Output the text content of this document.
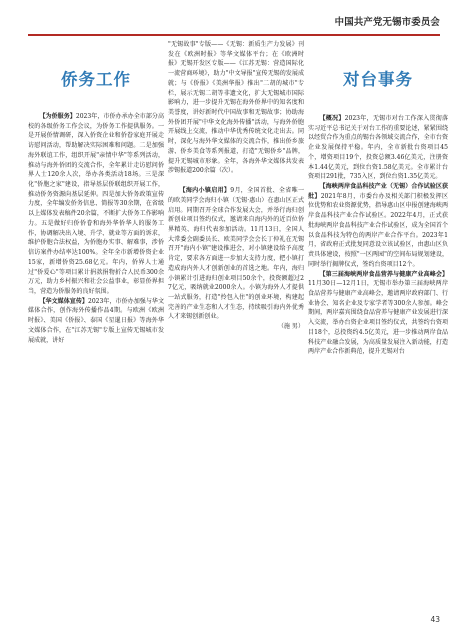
中国共产党无锡市委员会
侨务工作

【为侨服务】2023年，市侨办承办全市部分高校的各级侨务工作会议，为侨务工作提供服务。一是开展侨情调研，深入侨资企业和侨眷家庭开展走访慰问活动，帮助解决实际困难和问题。二是加强海外联谊工作，组织开展"亲情中华"等系列活动，推动与海外侨团的交流合作，全年累计走访慰问侨界人士120余人次，举办各类活动18场。三是深化"侨胞之家"建设，指导基层侨联组织开展工作，推动侨务资源向基层延伸。四是加大侨务政策宣传力度，全年编发侨务信息、简报等30余期，在省级以上媒体发表稿件20余篇，不断扩大侨务工作影响力。五是做好归侨侨眷和海外华侨华人的服务工作，协调解决出入境、升学、就业等方面的诉求，维护侨胞合法权益，为侨胞办实事、解难事，涉侨信访案件办结率达100%。全年全市新增侨资企业15家，新增侨资25.68亿元。年内，侨界人士通过"侨爱心"等项目累计捐款捐物折合人民币300余万元，助力乡村振兴和社会公益事业，彰显侨界担当，营造为侨服务的良好氛围。

【华文媒体宣传】2023年，市侨办加强与华文媒体合作，创作海外传播作品4期。与欧洲《欧洲时报》、美国《侨报》、泰国《星暹日报》等海外华文媒体合作，在"江苏无锡"专版上宣传无锡城市发展成就，讲好

"无锡故事"专版——《无锡：新质生产力发展》刊发在《欧洲时报》等华文媒体平台；在《欧洲时报》无锡开发区专版——《江苏无锡：营造国际化一流营商环境》，助力"中文导报"宣传无锡的发展成就；与《侨报》《美洲华报》推出"二胡的城市"专栏，展示无锡二胡等非遗文化，扩大无锡城市国际影响力，进一步提升无锡在海外侨界中的知名度和美誉度，讲好新时代中国故事和无锡故事；协助海外侨团开展"中华文化海外传播"活动，与海外侨胞开展线上交流，推动中华优秀传统文化走出去。同时，深化与海外华文媒体的交流合作，推出侨乡旅游、侨乡美食等系列报道，打造"无锡侨乡"品牌，提升无锡城市形象。全年，各海外华文媒体共发表涉锡报道200余篇（次）。

【海内小镇启用】9月，全国首批、全省唯一的欧美同学会海归小镇（无锡·惠山）在惠山区正式启用。同期召开全球合作发展大会，并举行海归创新创业项目签约仪式，邀请来自海内外的近百位侨界精英、海归代表参加活动。11月13日，全国人大常委会副委员长、欧美同学会会长丁仲礼在无锡召开"海内小镇"建设推进会，对小镇建设给予高度肯定，要求各方面进一步加大支持力度，把小镇打造成海内外人才创新创业的首选之地。年内，海归小镇累计引进海归创业项目50余个，投资额超过27亿元，吸纳就业2000余人。小镇为海外人才提供一站式服务，打造"拎包入住"的创业环境，构建起完善的产业生态和人才生态，持续吸引海内外优秀人才来锡创新创业。
（施 男）

对台事务

【概况】2023年，无锡市对台工作深入贯彻落实习近平总书记关于对台工作的重要论述，紧紧围绕以经贸合作为重点的锡台各领域交流合作，全市台资企业发展保持平稳。年内，全市新批台资项目45个，增资项目19个，投资总额3.46亿美元，注册资本1.44亿美元，到位台资1.58亿美元。全市累计台资项目291批，735入区，到位台资1.35亿美元。

【海峡两岸食品科技产业（无锡）合作试验区获批】2021年8月，市委台办及相关部门积极发挥区位优势和农业资源优势，指导惠山区申报创建海峡两岸食品科技产业合作试验区。2022年4月，正式获批海峡两岸食品科技产业合作试验区，成为全国首个以食品科技为特色的两岸产业合作平台。2023年1月，省政府正式批复同意设立该试验区，由惠山区负责具体建设，按照"一区两园"的空间布局规划建设，同时举行揭牌仪式，签约台资项目12个。

【第三届海峡两岸食品营养与健康产业高峰会】11月30日—12月1日，无锡市举办第三届海峡两岸食品营养与健康产业高峰会，邀请两岸政府部门、行业协会、知名企业及专家学者等300余人参加。峰会期间，两岸嘉宾围绕食品营养与健康产业发展进行深入交流，举办台资企业项目签约仪式，共签约台资项目18个，总投资约4.5亿美元，进一步推动两岸食品科技产业融合发展，为高质量发展注入新动能，打造两岸产业合作新典范，提升无锡对台

43
